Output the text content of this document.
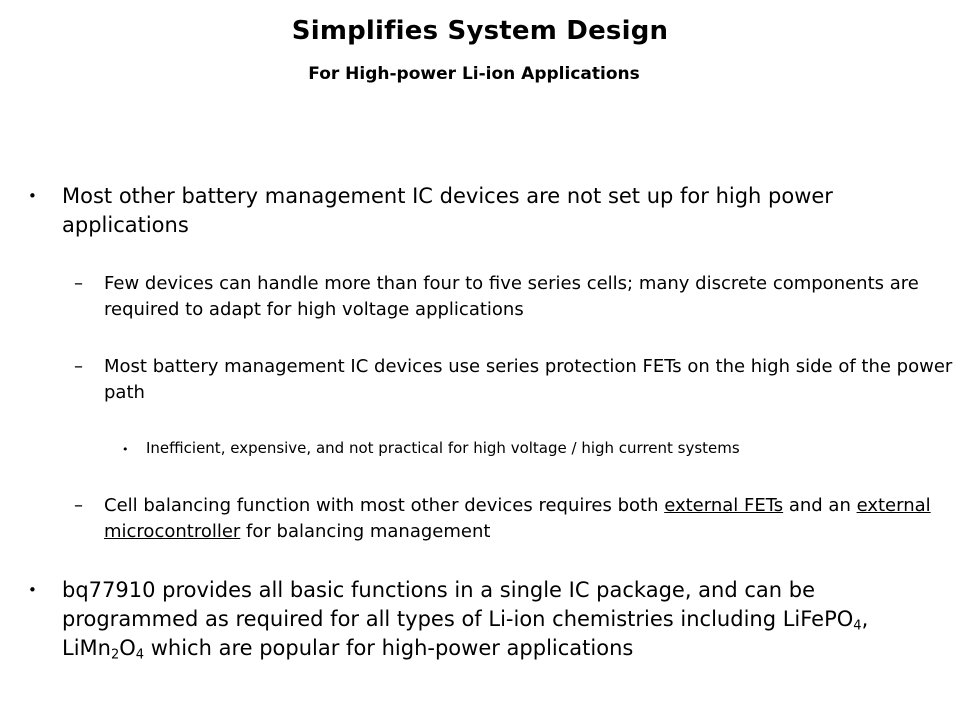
Simplifies System Design
For High-power Li-ion Applications
• Most other battery management IC devices are not set up for high power applications
– Few devices can handle more than four to five series cells; many discrete components are required to adapt for high voltage applications
– Most battery management IC devices use series protection FETs on the high side of the power path
• Inefficient, expensive, and not practical for high voltage / high current systems
– Cell balancing function with most other devices requires both external FETs and an external microcontroller for balancing management
• bq77910 provides all basic functions in a single IC package, and can be programmed as required for all types of Li-ion chemistries including LiFePO$_4$, $LiMn_2O_4$ which are popular for high-power applications
